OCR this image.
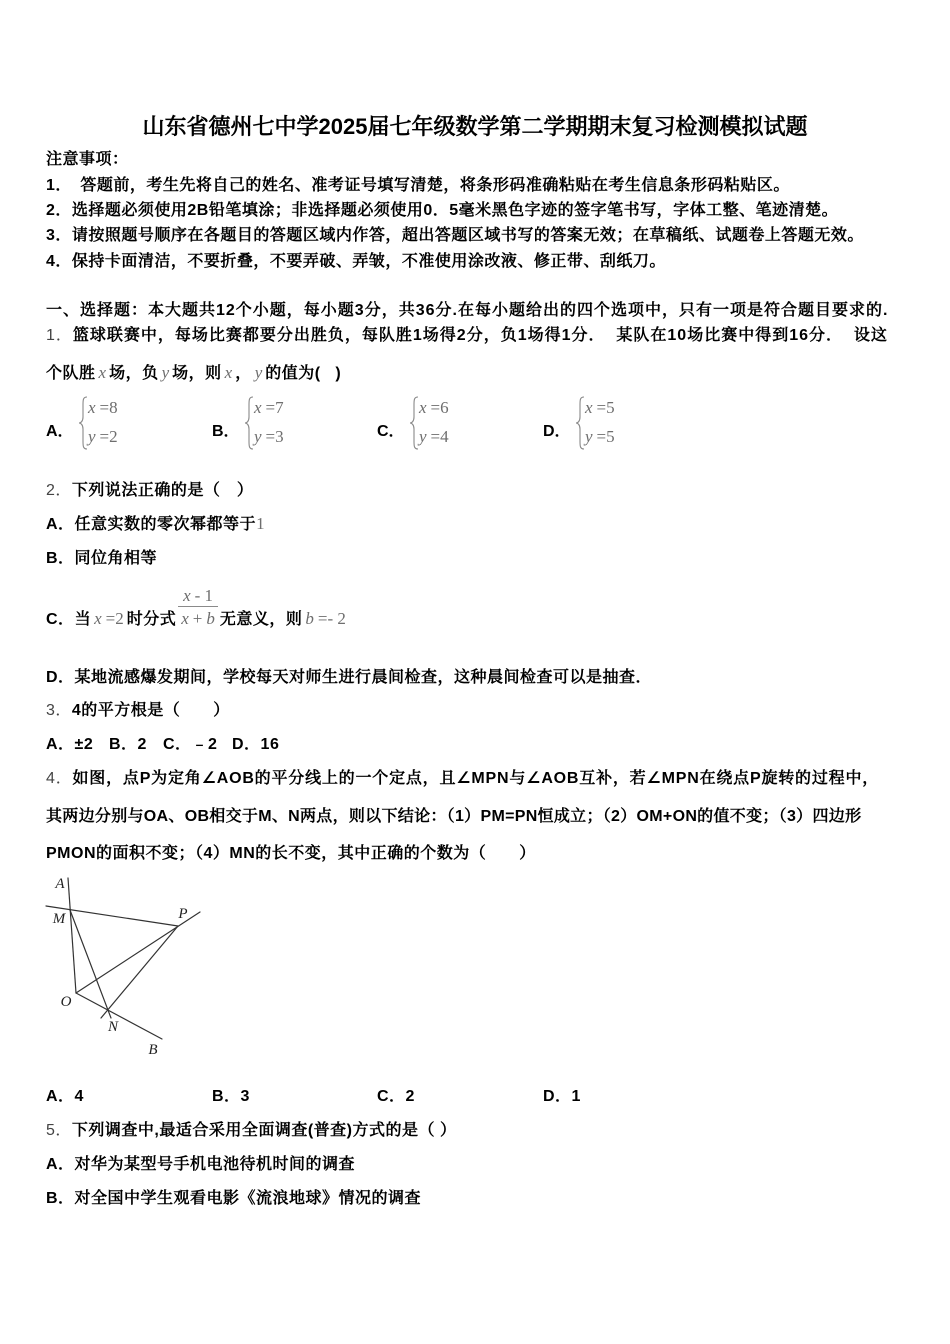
山东省德州七中学2025届七年级数学第二学期期末复习检测模拟试题
注意事项：
1．　答题前，考生先将自己的姓名、准考证号填写清楚，将条形码准确粘贴在考生信息条形码粘贴区。
2．选择题必须使用2B铅笔填涂；非选择题必须使用0．5毫米黑色字迹的签字笔书写，字体工整、笔迹清楚。
3．请按照题号顺序在各题目的答题区域内作答，超出答题区域书写的答案无效；在草稿纸、试题卷上答题无效。
4．保持卡面清洁，不要折叠，不要弄破、弄皱，不准使用涂改液、修正带、刮纸刀。
一、选择题：本大题共12个小题，每小题3分，共36分.在每小题给出的四个选项中，只有一项是符合题目要求的.
1．篮球联赛中，每场比赛都要分出胜负，每队胜1场得2分，负1场得1分．  某队在10场比赛中得到16分．  设这
个队胜 x 场，负 y 场，则 x ， y 的值为(   )
A．
x =8
y =2	B．
x =7
y =3	C．
x =6
y =4	D．
x =5
y =5
2．下列说法正确的是（　）
A．任意实数的零次幂都等于1
B．同位角相等
C．当 x =2 时分式
x - 1
x + b 无意义，则 b =- 2
D．某地流感爆发期间，学校每天对师生进行晨间检查，这种晨间检查可以是抽查．
3．4的平方根是（　　）
A．±2 B．2 C．﹣2 D．16
4．如图，点P为定角∠AOB的平分线上的一个定点，且∠MPN与∠AOB互补，若∠MPN在绕点P旋转的过程中，
其两边分别与OA、OB相交于M、N两点，则以下结论：（1）PM=PN恒成立；（2）OM+ON的值不变；（3）四边形
PMON的面积不变；（4）MN的长不变，其中正确的个数为（　　）
A
M	P
O
N
B
A．4	B．3	C．2	D．1
5．下列调查中,最适合采用全面调查(普查)方式的是（ ）
A．对华为某型号手机电池待机时间的调查
B．对全国中学生观看电影《流浪地球》情况的调查
